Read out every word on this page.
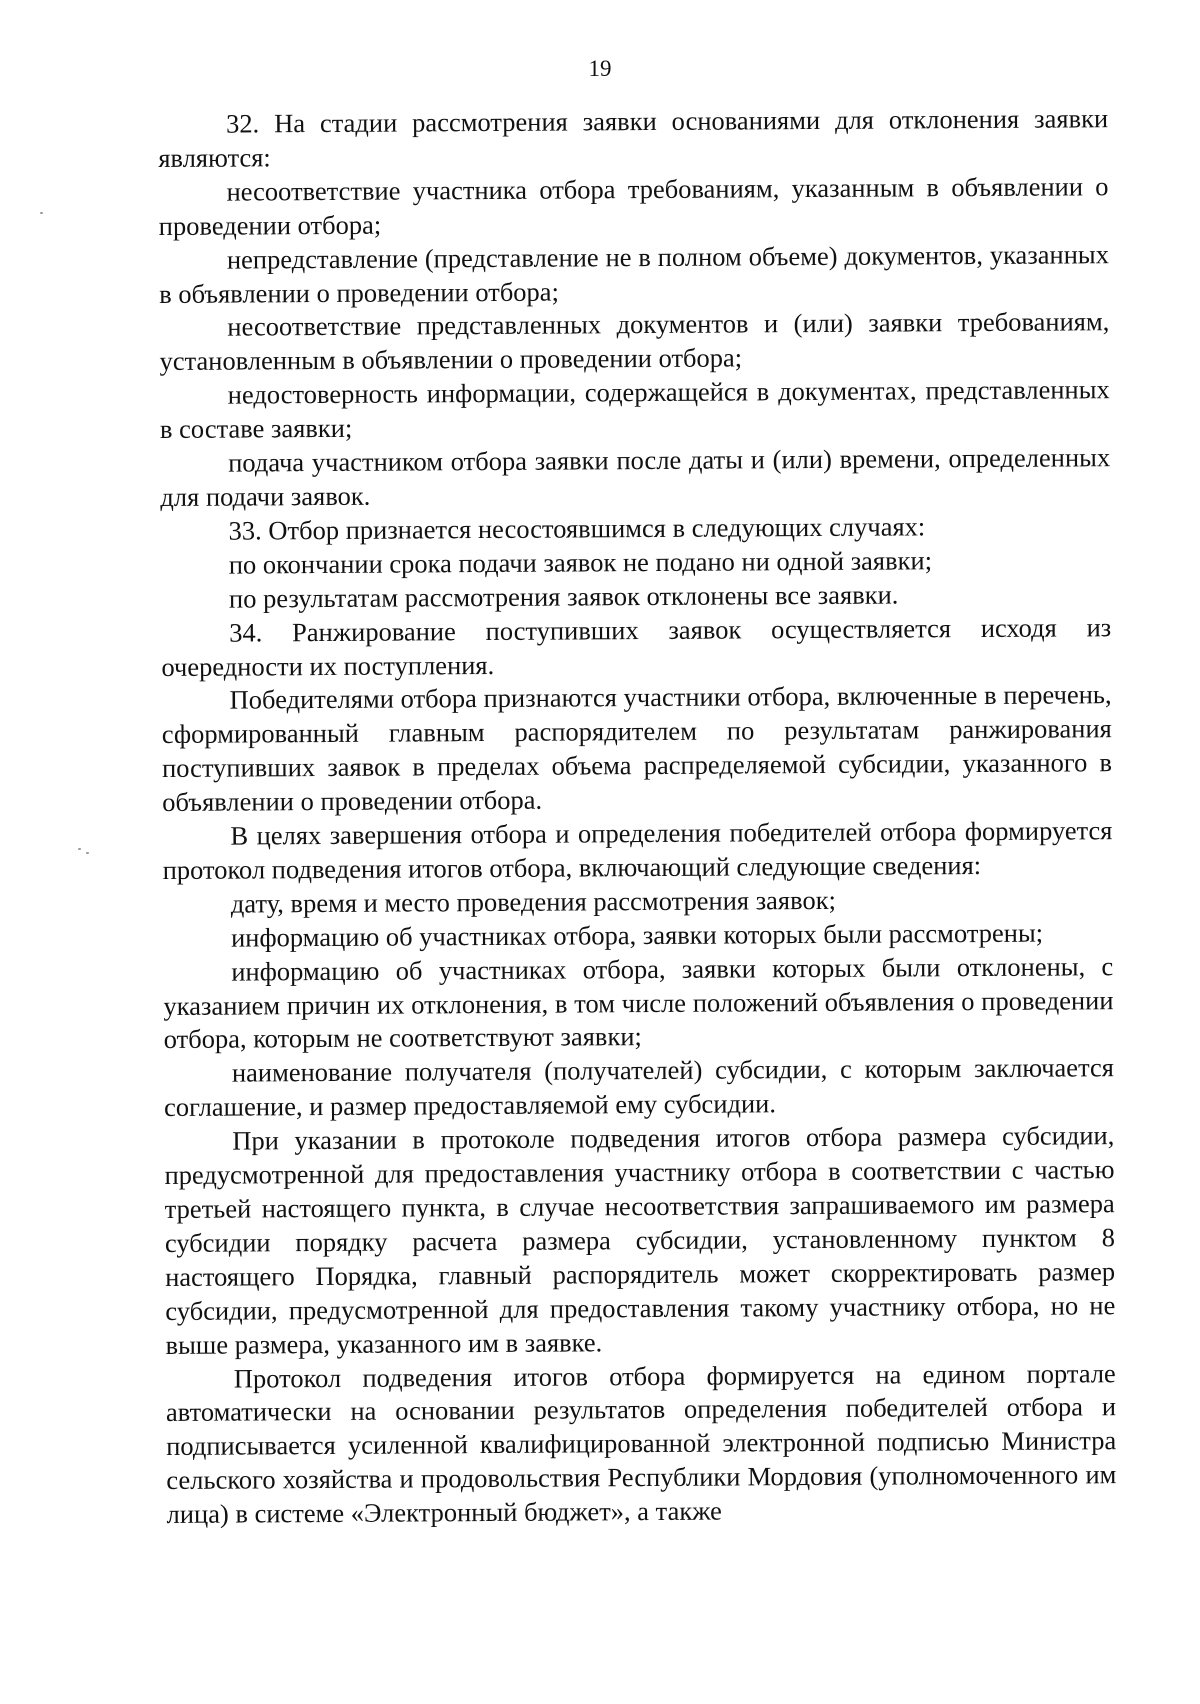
19

32. На стадии рассмотрения заявки основаниями для отклонения заявки являются:

несоответствие участника отбора требованиям, указанным в объявлении о проведении отбора;

непредставление (представление не в полном объеме) документов, указанных в объявлении о проведении отбора;

несоответствие представленных документов и (или) заявки требованиям, установленным в объявлении о проведении отбора;

недостоверность информации, содержащейся в документах, представленных в составе заявки;

подача участником отбора заявки после даты и (или) времени, определенных для подачи заявок.

33. Отбор признается несостоявшимся в следующих случаях:

по окончании срока подачи заявок не подано ни одной заявки;

по результатам рассмотрения заявок отклонены все заявки.

34. Ранжирование поступивших заявок осуществляется исходя из очередности их поступления.

Победителями отбора признаются участники отбора, включенные в перечень, сформированный главным распорядителем по результатам ранжирования поступивших заявок в пределах объема распределяемой субсидии, указанного в объявлении о проведении отбора.

В целях завершения отбора и определения победителей отбора формируется протокол подведения итогов отбора, включающий следующие сведения:

дату, время и место проведения рассмотрения заявок;

информацию об участниках отбора, заявки которых были рассмотрены;

информацию об участниках отбора, заявки которых были отклонены, с указанием причин их отклонения, в том числе положений объявления о проведении отбора, которым не соответствуют заявки;

наименование получателя (получателей) субсидии, с которым заключается соглашение, и размер предоставляемой ему субсидии.

При указании в протоколе подведения итогов отбора размера субсидии, предусмотренной для предоставления участнику отбора в соответствии с частью третьей настоящего пункта, в случае несоответствия запрашиваемого им размера субсидии порядку расчета размера субсидии, установленному пунктом 8 настоящего Порядка, главный распорядитель может скорректировать размер субсидии, предусмотренной для предоставления такому участнику отбора, но не выше размера, указанного им в заявке.

Протокол подведения итогов отбора формируется на едином портале автоматически на основании результатов определения победителей отбора и подписывается усиленной квалифицированной электронной подписью Министра сельского хозяйства и продовольствия Республики Мордовия (уполномоченного им лица) в системе «Электронный бюджет», а также
